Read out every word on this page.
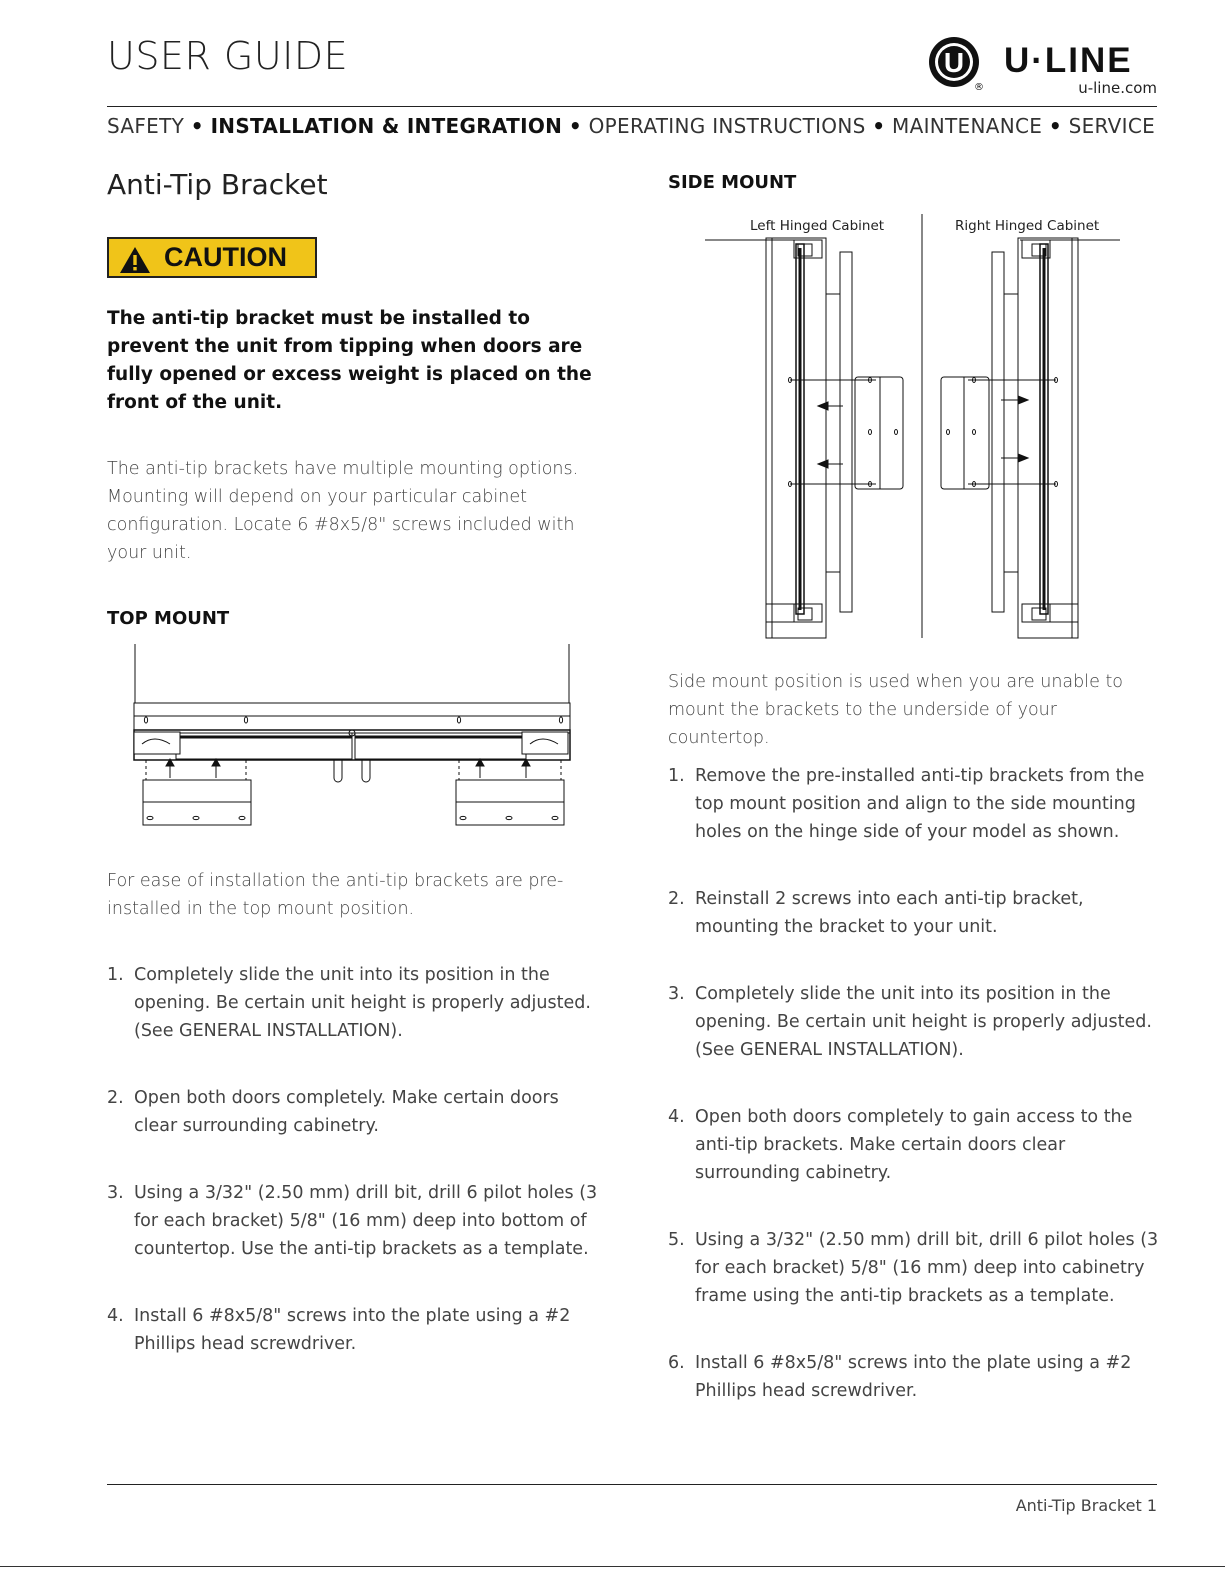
USER GUIDE	U
®
U·LINE
u-line.com
SAFETY • INSTALLATION & INTEGRATION • OPERATING INSTRUCTIONS • MAINTENANCE • SERVICE
Anti-Tip Bracket
CAUTION

The anti-tip bracket must be installed to prevent the unit from tipping when doors are fully opened or excess weight is placed on the front of the unit.

The anti-tip brackets have multiple mounting options. Mounting will depend on your particular cabinet configuration. Locate 6 #8x5/8" screws included with your unit.

TOP MOUNT

For ease of installation the anti-tip brackets are pre-installed in the top mount position.

1. Completely slide the unit into its position in the opening. Be certain unit height is properly adjusted. (See GENERAL INSTALLATION).
2. Open both doors completely. Make certain doors clear surrounding cabinetry.
3. Using a 3/32" (2.50 mm) drill bit, drill 6 pilot holes (3 for each bracket) 5/8" (16 mm) deep into bottom of countertop. Use the anti-tip brackets as a template.
4. Install 6 #8x5/8" screws into the plate using a #2 Phillips head screwdriver.
SIDE MOUNT
Left Hinged Cabinet	Right Hinged Cabinet

Side mount position is used when you are unable to mount the brackets to the underside of your countertop.

1. Remove the pre-installed anti-tip brackets from the top mount position and align to the side mounting holes on the hinge side of your model as shown.
2. Reinstall 2 screws into each anti-tip bracket, mounting the bracket to your unit.
3. Completely slide the unit into its position in the opening. Be certain unit height is properly adjusted. (See GENERAL INSTALLATION).
4. Open both doors completely to gain access to the anti-tip brackets. Make certain doors clear surrounding cabinetry.
5. Using a 3/32" (2.50 mm) drill bit, drill 6 pilot holes (3 for each bracket) 5/8" (16 mm) deep into cabinetry frame using the anti-tip brackets as a template.
6. Install 6 #8x5/8" screws into the plate using a #2 Phillips head screwdriver.
Anti-Tip Bracket 1
